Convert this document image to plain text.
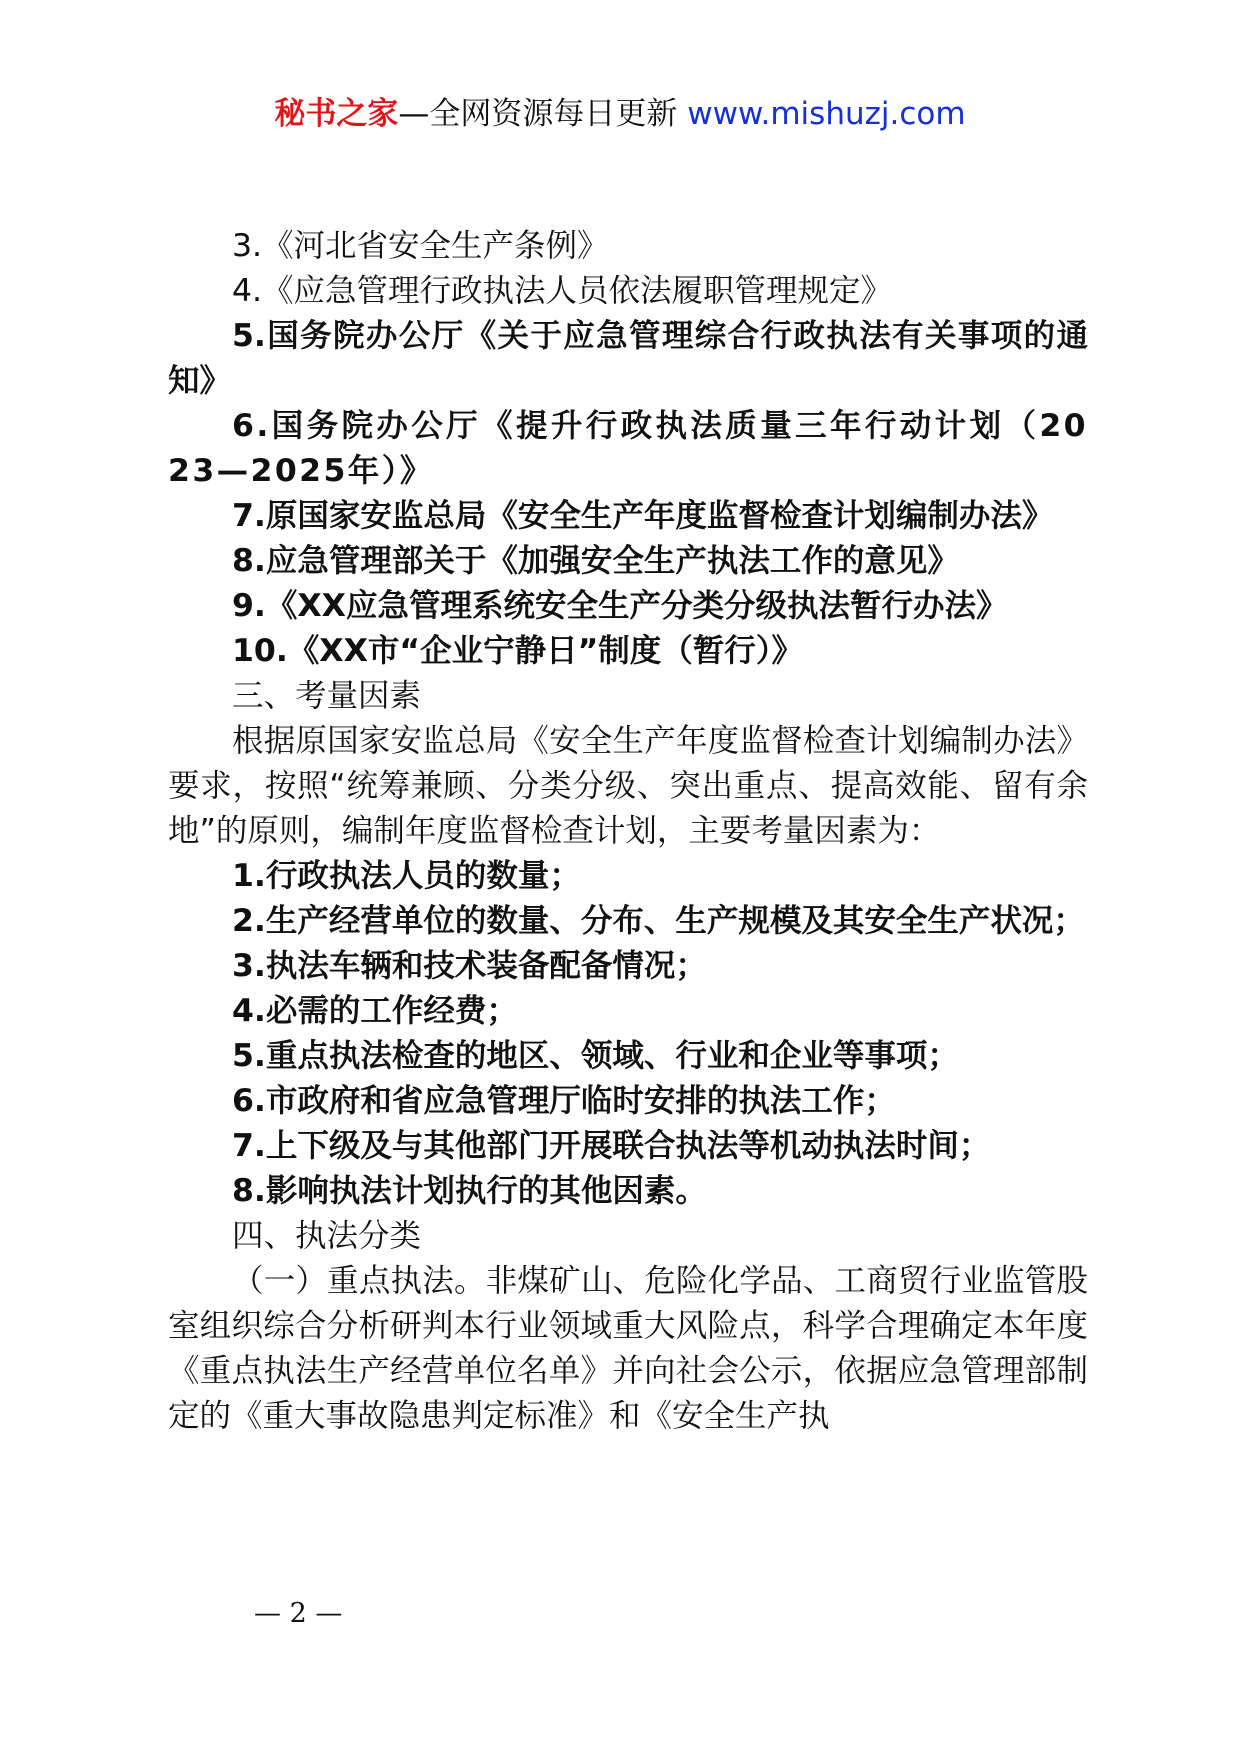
秘书之家—全网资源每日更新 www.mishuzj.com

3.《河北省安全生产条例》

4.《应急管理行政执法人员依法履职管理规定》

5.国务院办公厅《关于应急管理综合行政执法有关事项的通知》

6.国务院办公厅《提升行政执法质量三年行动计划（2023—2025年）》

7.原国家安监总局《安全生产年度监督检查计划编制办法》

8.应急管理部关于《加强安全生产执法工作的意见》

9.《XX应急管理系统安全生产分类分级执法暂行办法》

10.《XX市“企业宁静日”制度（暂行）》

三、考量因素

根据原国家安监总局《安全生产年度监督检查计划编制办法》要求，按照“统筹兼顾、分类分级、突出重点、提高效能、留有余地”的原则，编制年度监督检查计划，主要考量因素为：

1.行政执法人员的数量；

2.生产经营单位的数量、分布、生产规模及其安全生产状况；

3.执法车辆和技术装备配备情况；

4.必需的工作经费；

5.重点执法检查的地区、领域、行业和企业等事项；

6.市政府和省应急管理厅临时安排的执法工作；

7.上下级及与其他部门开展联合执法等机动执法时间；

8.影响执法计划执行的其他因素。

四、执法分类

（一）重点执法。非煤矿山、危险化学品、工商贸行业监管股室组织综合分析研判本行业领域重大风险点，科学合理确定本年度《重点执法生产经营单位名单》并向社会公示，依据应急管理部制定的《重大事故隐患判定标准》和《安全生产执

— 2 —
